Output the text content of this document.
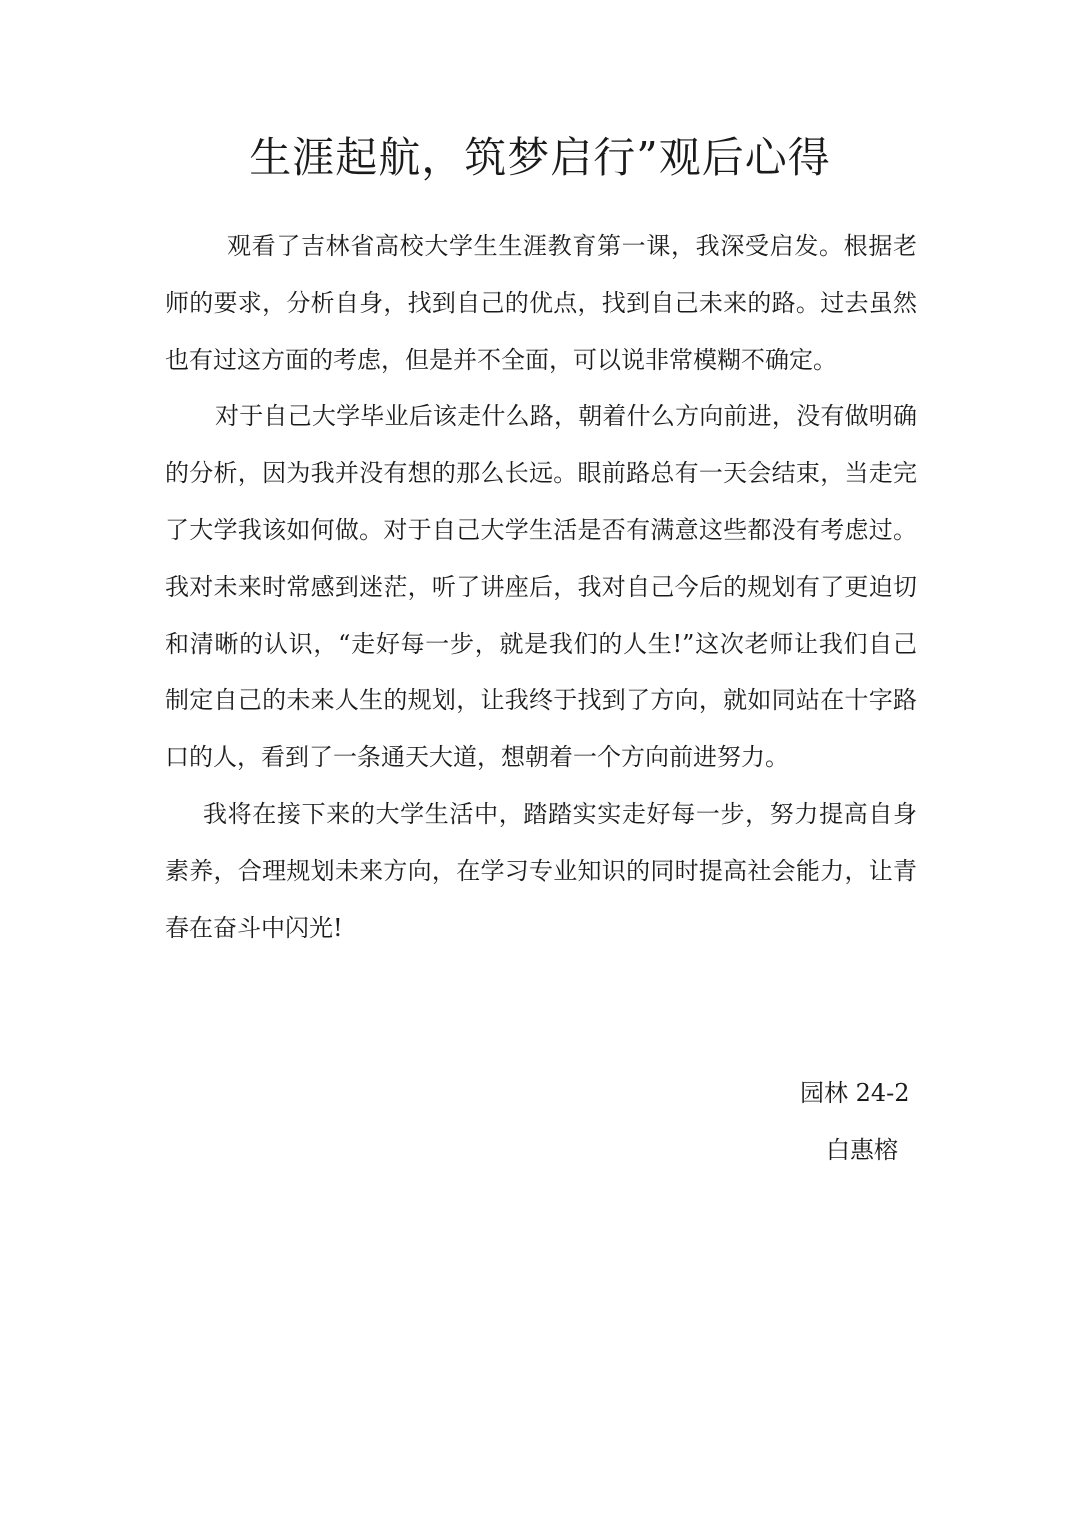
生涯起航，筑梦启行”观后心得

观看了吉林省高校大学生生涯教育第一课，我深受启发。根据老师的要求，分析自身，找到自己的优点，找到自己未来的路。过去虽然也有过这方面的考虑，但是并不全面，可以说非常模糊不确定。

对于自己大学毕业后该走什么路，朝着什么方向前进，没有做明确的分析，因为我并没有想的那么长远。眼前路总有一天会结束，当走完了大学我该如何做。对于自己大学生活是否有满意这些都没有考虑过。我对未来时常感到迷茫，听了讲座后，我对自己今后的规划有了更迫切和清晰的认识，“走好每一步，就是我们的人生!”这次老师让我们自己制定自己的未来人生的规划，让我终于找到了方向，就如同站在十字路口的人，看到了一条通天大道，想朝着一个方向前进努力。

我将在接下来的大学生活中，踏踏实实走好每一步，努力提高自身素养，合理规划未来方向，在学习专业知识的同时提高社会能力，让青春在奋斗中闪光!

园林 24-2
白惠榕
